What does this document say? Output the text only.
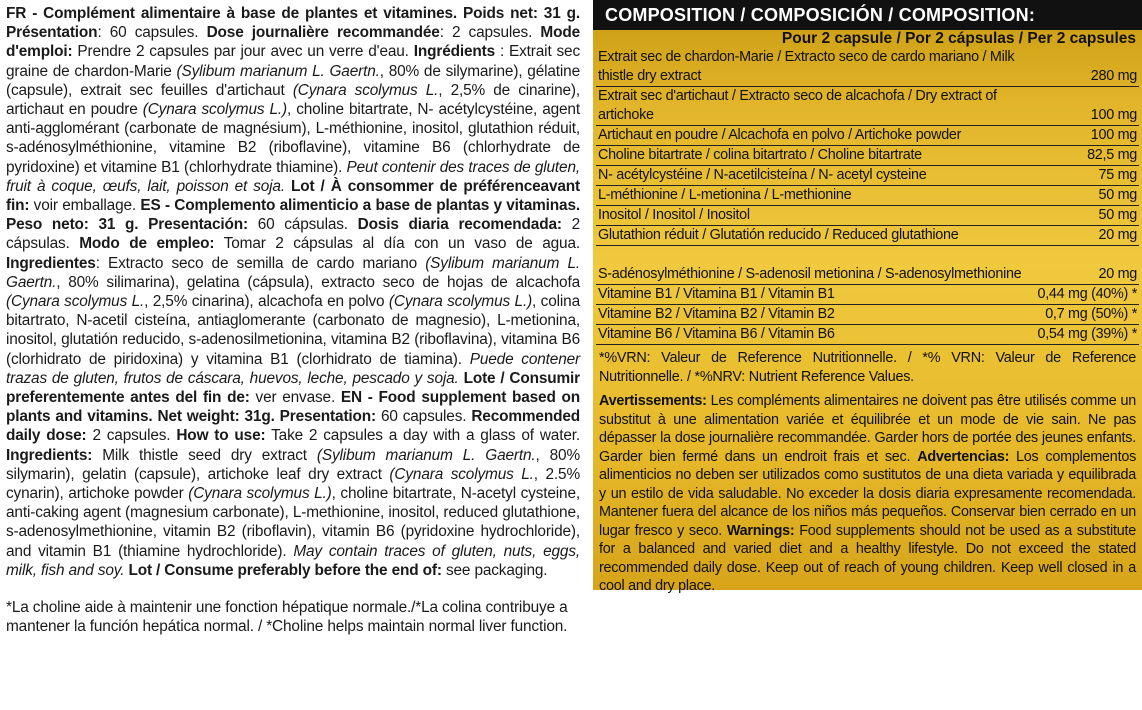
FR - Complément alimentaire à base de plantes et vitamines. Poids net: 31 g. Présentation: 60 capsules. Dose journalière recommandée: 2 capsules. Mode d'emploi: Prendre 2 capsules par jour avec un verre d'eau. Ingrédients : Extrait sec graine de chardon-Marie (Sylibum marianum L. Gaertn., 80% de silymarine), gélatine (capsule), extrait sec feuilles d'artichaut (Cynara scolymus L., 2,5% de cinarine), artichaut en poudre (Cynara scolymus L.), choline bitartrate, N- acétylcystéine, agent anti-agglomérant (carbonate de magnésium), L-méthionine, inositol, glutathion réduit, s-adénosylméthionine, vitamine B2 (riboflavine), vitamine B6 (chlorhydrate de pyridoxine) et vitamine B1 (chlorhydrate thiamine). Peut contenir des traces de gluten, fruit à coque, œufs, lait, poisson et soja. Lot / À consommer de préférenceavant fin: voir emballage. ES - Complemento alimenticio a base de plantas y vitaminas. Peso neto: 31 g. Presentación: 60 cápsulas. Dosis diaria recomendada: 2 cápsulas. Modo de empleo: Tomar 2 cápsulas al día con un vaso de agua. Ingredientes: Extracto seco de semilla de cardo mariano (Sylibum marianum L. Gaertn., 80% silimarina), gelatina (cápsula), extracto seco de hojas de alcachofa (Cynara scolymus L., 2,5% cinarina), alcachofa en polvo (Cynara scolymus L.), colina bitartrato, N-acetil cisteína, antiaglomerante (carbonato de magnesio), L-metionina, inositol, glutatión reducido, s-adenosilmetionina, vitamina B2 (riboflavina), vitamina B6 (clorhidrato de piridoxina) y vitamina B1 (clorhidrato de tiamina). Puede contener trazas de gluten, frutos de cáscara, huevos, leche, pescado y soja. Lote / Consumir preferentemente antes del fin de: ver envase. EN - Food supplement based on plants and vitamins. Net weight: 31g. Presentation: 60 capsules. Recommended daily dose: 2 capsules. How to use: Take 2 capsules a day with a glass of water. Ingredients: Milk thistle seed dry extract (Sylibum marianum L. Gaertn., 80% silymarin), gelatin (capsule), artichoke leaf dry extract (Cynara scolymus L., 2.5% cynarin), artichoke powder (Cynara scolymus L.), choline bitartrate, N-acetyl cysteine, anti-caking agent (magnesium carbonate), L-methionine, inositol, reduced glutathione, s-adenosylmethionine, vitamin B2 (riboflavin), vitamin B6 (pyridoxine hydrochloride), and vitamin B1 (thiamine hydrochloride). May contain traces of gluten, nuts, eggs, milk, fish and soy. Lot / Consume preferably before the end of: see packaging.

*La choline aide à maintenir une fonction hépatique normale./*La colina contribuye a mantener la función hepática normal. / *Choline helps maintain normal liver function.

COMPOSITION / COMPOSICIÓN / COMPOSITION:
Pour 2 capsule / Por 2 cápsulas / Per 2 capsules
Extrait sec de chardon-Marie / Extracto seco de cardo mariano / Milk thistle dry extract	280 mg
Extrait sec d'artichaut / Extracto seco de alcachofa / Dry extract of artichoke	100 mg
Artichaut en poudre / Alcachofa en polvo / Artichoke powder	100 mg
Choline bitartrate / colina bitartrato / Choline bitartrate	82,5 mg
N- acétylcystéine / N-acetilcisteína / N- acetyl cysteine	75 mg
L-méthionine / L-metionina / L-methionine	50 mg
Inositol / Inositol / Inositol	50 mg
Glutathion réduit / Glutatión reducido / Reduced glutathione	20 mg
S-adénosylméthionine / S-adenosil metionina / S-adenosylmethionine	20 mg
Vitamine B1 / Vitamina B1 / Vitamin B1	0,44 mg (40%) *
Vitamine B2 / Vitamina B2 / Vitamin B2	0,7 mg (50%) *
Vitamine B6 / Vitamina B6 / Vitamin B6	0,54 mg (39%) *

*%VRN: Valeur de Reference Nutritionnelle. / *% VRN: Valeur de Reference Nutritionnelle. / *%NRV: Nutrient Reference Values.

Avertissements: Les compléments alimentaires ne doivent pas être utilisés comme un substitut à une alimentation variée et équilibrée et un mode de vie sain. Ne pas dépasser la dose journalière recommandée. Garder hors de portée des jeunes enfants. Garder bien fermé dans un endroit frais et sec. Advertencias: Los complementos alimenticios no deben ser utilizados como sustitutos de una dieta variada y equilibrada y un estilo de vida saludable. No exceder la dosis diaria expresamente recomendada. Mantener fuera del alcance de los niños más pequeños. Conservar bien cerrado en un lugar fresco y seco. Warnings: Food supplements should not be used as a substitute for a balanced and varied diet and a healthy lifestyle. Do not exceed the stated recommended daily dose. Keep out of reach of young children. Keep well closed in a cool and dry place.
